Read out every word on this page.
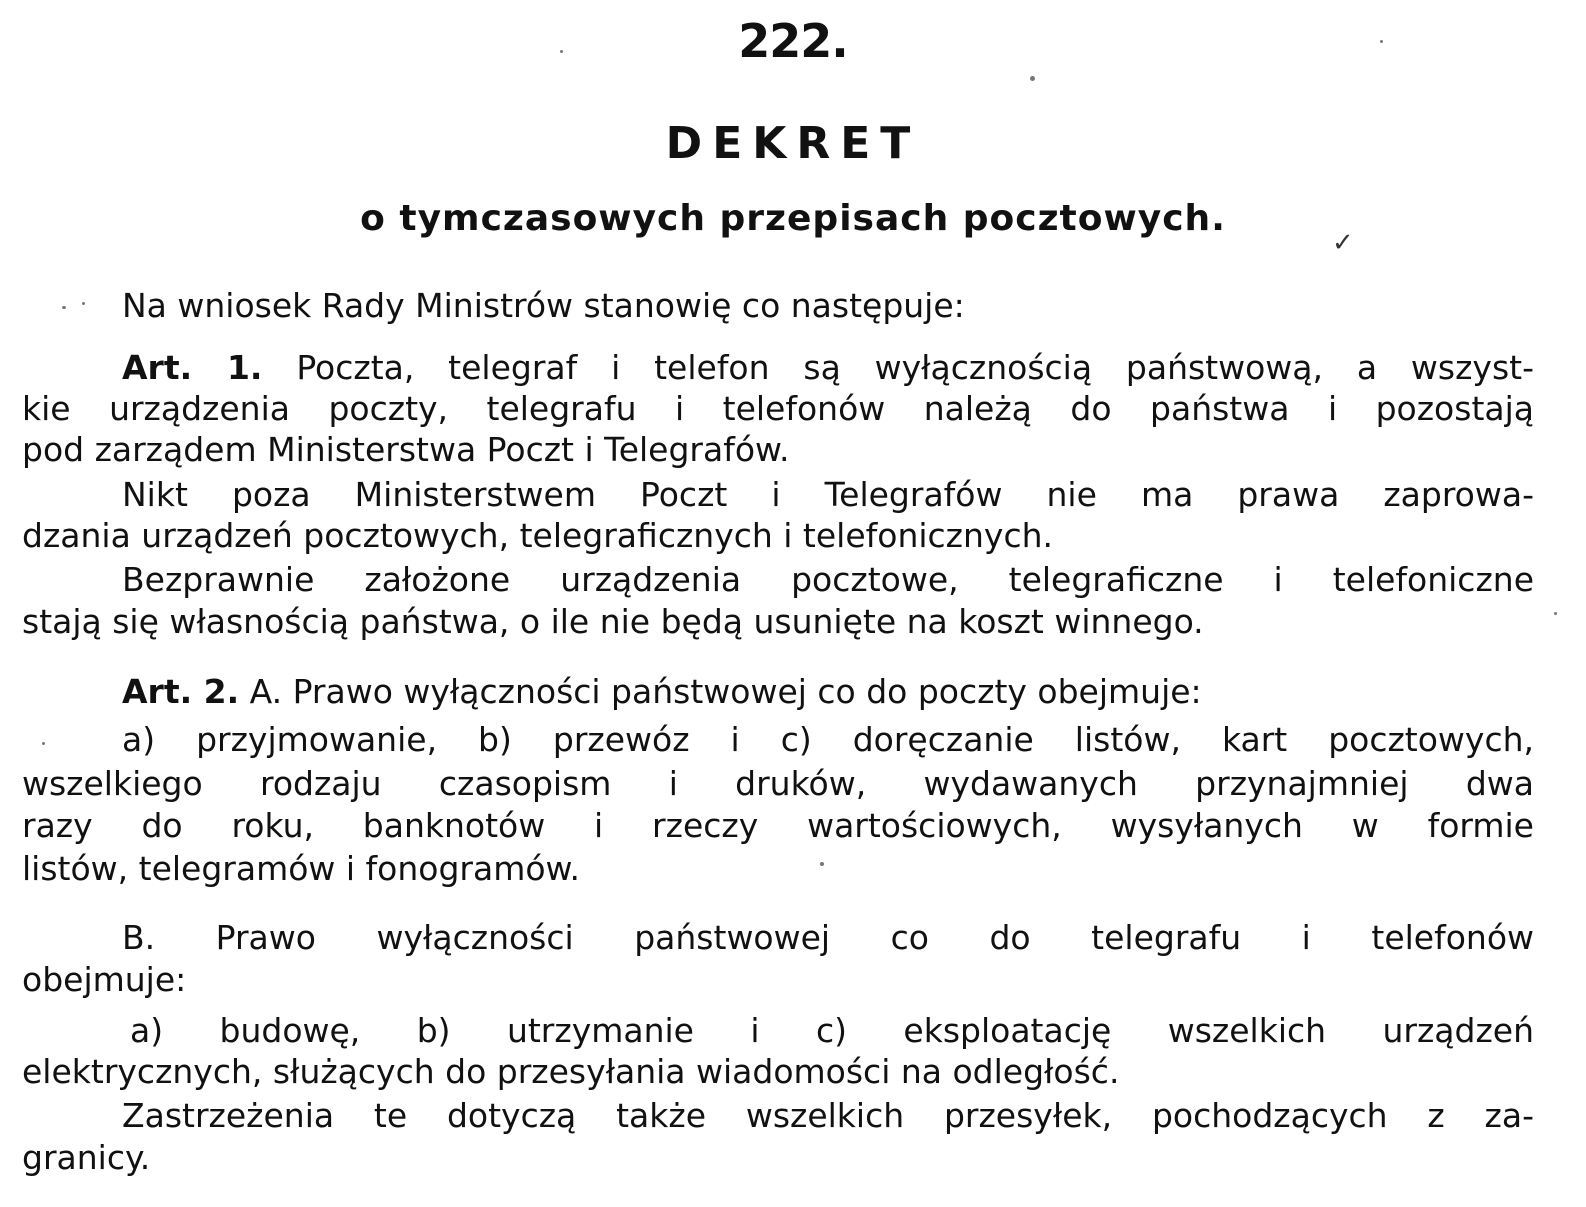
222.
DEKRET
o tymczasowych przepisach pocztowych.
✓
Na wniosek Rady Ministrów stanowię co następuje:
Art. 1. Poczta, telegraf i telefon są wyłącznością państwową, a wszyst-
kie urządzenia poczty, telegrafu i telefonów należą do państwa i pozostają
pod zarządem Ministerstwa Poczt i Telegrafów.
Nikt poza Ministerstwem Poczt i Telegrafów nie ma prawa zaprowa-
dzania urządzeń pocztowych, telegraficznych i telefonicznych.
Bezprawnie założone urządzenia pocztowe, telegraficzne i telefoniczne
stają się własnością państwa, o ile nie będą usunięte na koszt winnego.
Art. 2. A. Prawo wyłączności państwowej co do poczty obejmuje:
a) przyjmowanie, b) przewóz i c) doręczanie listów, kart pocztowych,
wszelkiego rodzaju czasopism i druków, wydawanych przynajmniej dwa
razy do roku, banknotów i rzeczy wartościowych, wysyłanych w formie
listów, telegramów i fonogramów.
B. Prawo wyłączności państwowej co do telegrafu i telefonów
obejmuje:
a) budowę, b) utrzymanie i c) eksploatację wszelkich urządzeń
elektrycznych, służących do przesyłania wiadomości na odległość.
Zastrzeżenia te dotyczą także wszelkich przesyłek, pochodzących z za-
granicy.
